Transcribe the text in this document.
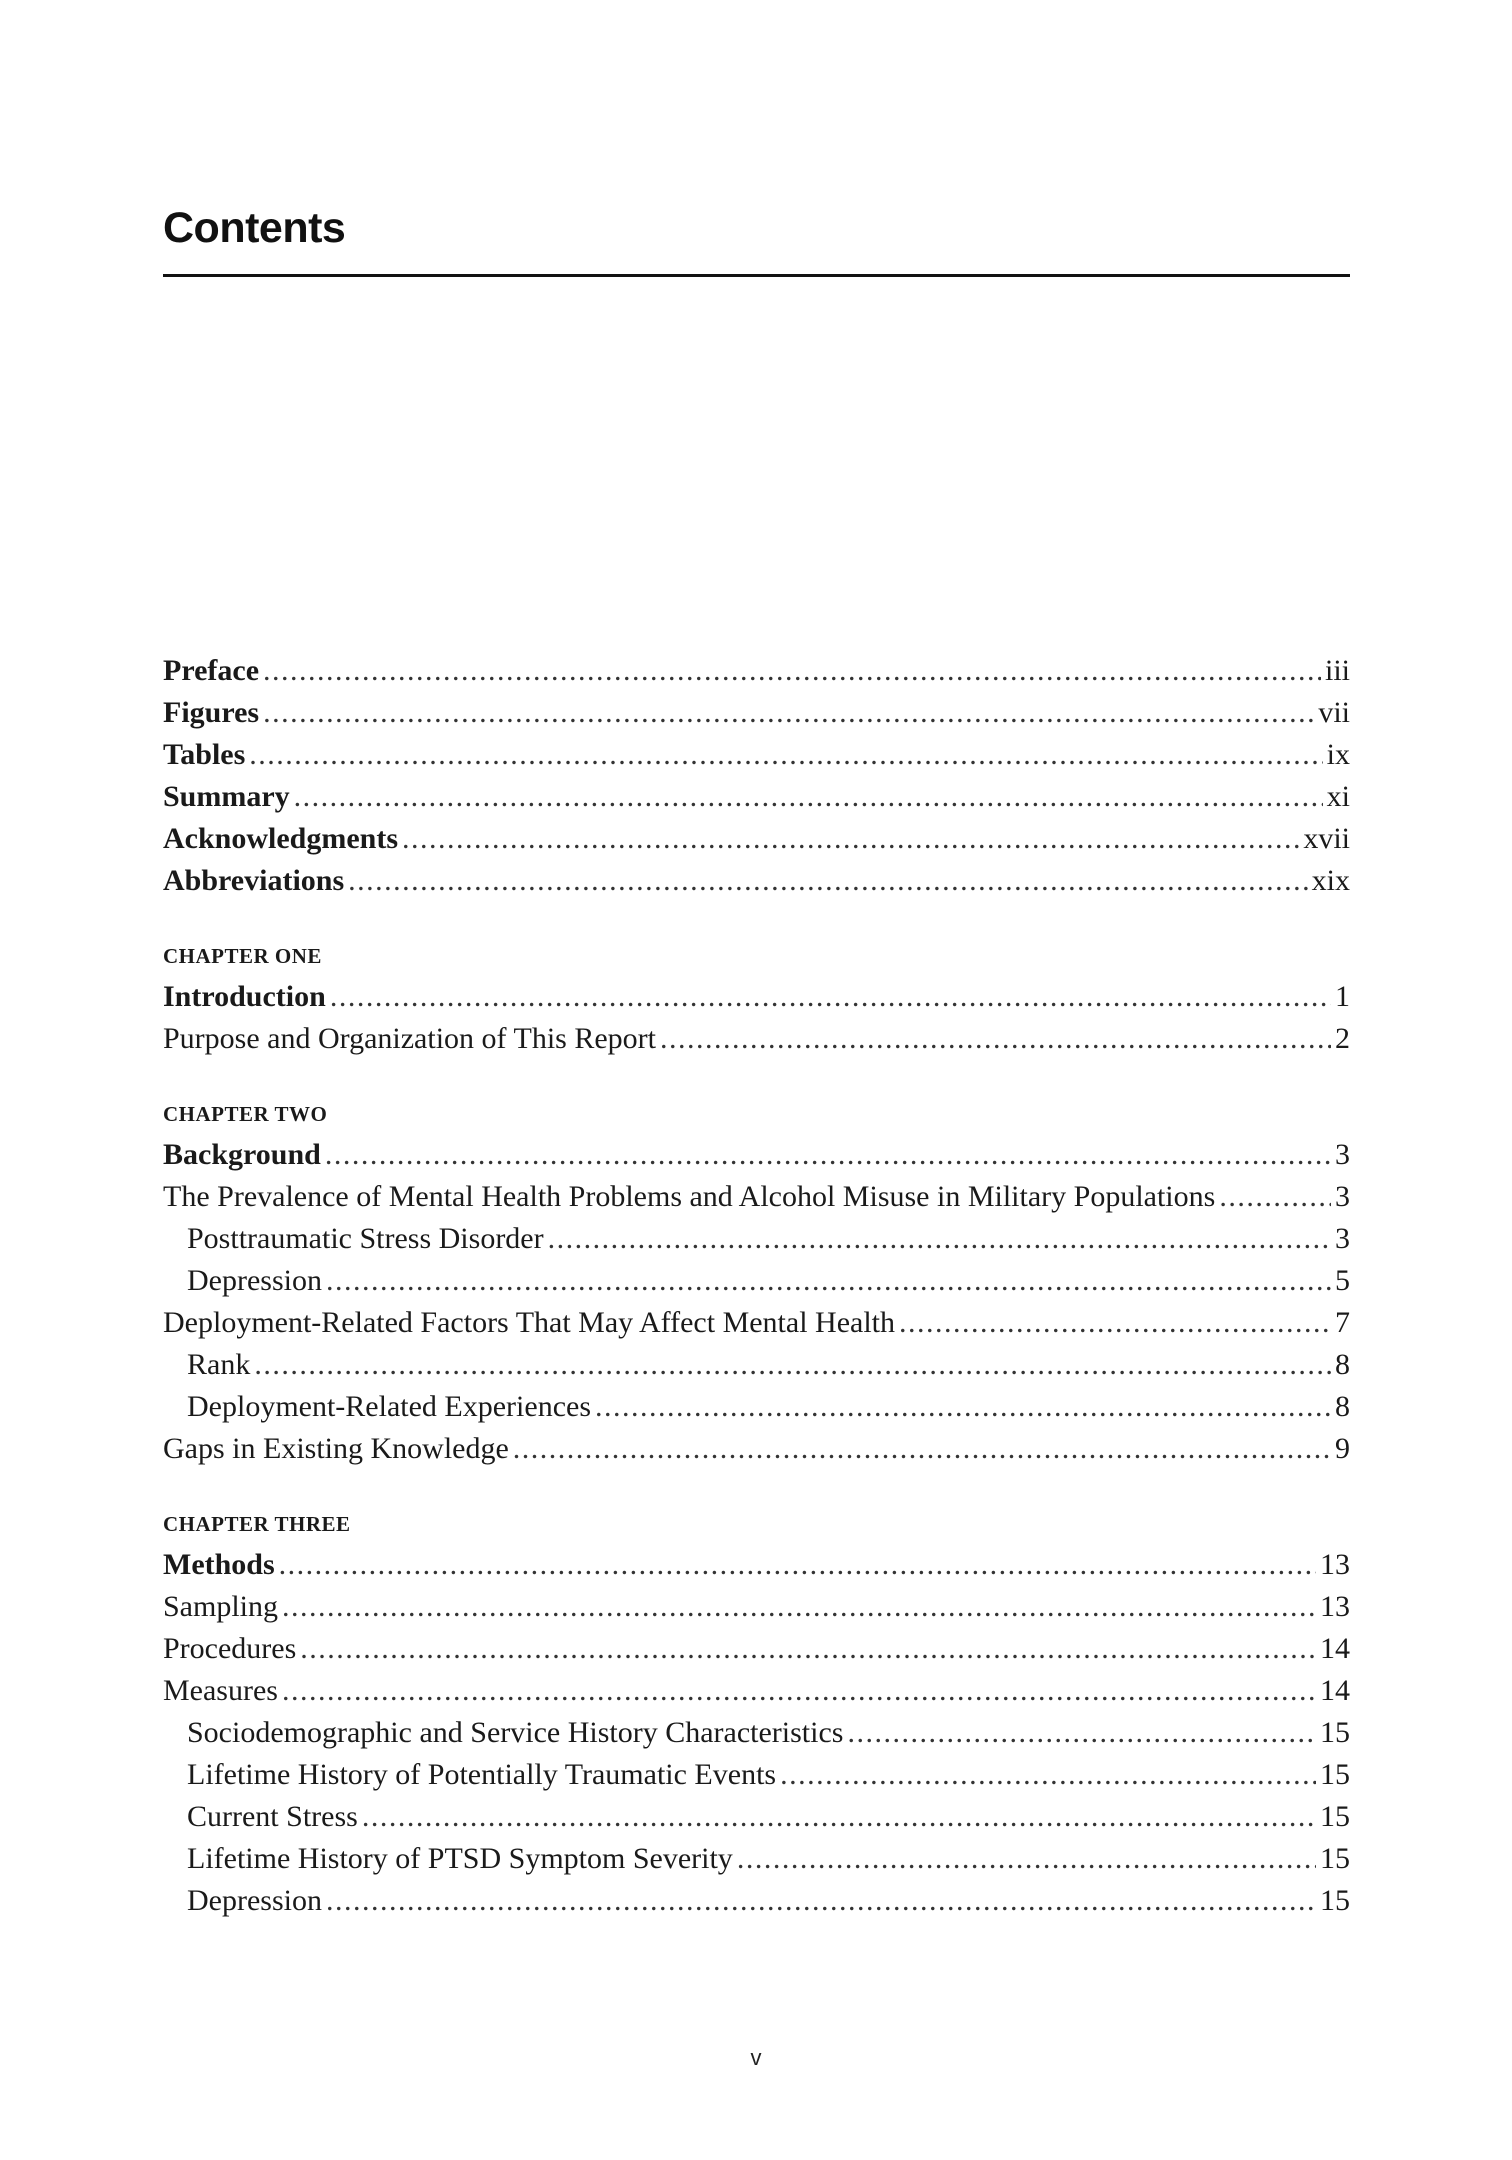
Contents
Preface . . .	iii
Figures . . .	vii
Tables . . .	ix
Summary . . .	xi
Acknowledgments . . .	xvii
Abbreviations . . .	xix
CHAPTER ONE
Introduction . . .	1
Purpose and Organization of This Report . . .	2
CHAPTER TWO
Background . . .	3
The Prevalence of Mental Health Problems and Alcohol Misuse in Military Populations . . .	3
Posttraumatic Stress Disorder . . .	3
Depression . . .	5
Deployment-Related Factors That May Affect Mental Health . . .	7
Rank . . .	8
Deployment-Related Experiences . . .	8
Gaps in Existing Knowledge . . .	9
CHAPTER THREE
Methods . . .	13
Sampling . . .	13
Procedures . . .	14
Measures . . .	14
Sociodemographic and Service History Characteristics . . .	15
Lifetime History of Potentially Traumatic Events . . .	15
Current Stress . . .	15
Lifetime History of PTSD Symptom Severity . . .	15
Depression . . .	15
v
